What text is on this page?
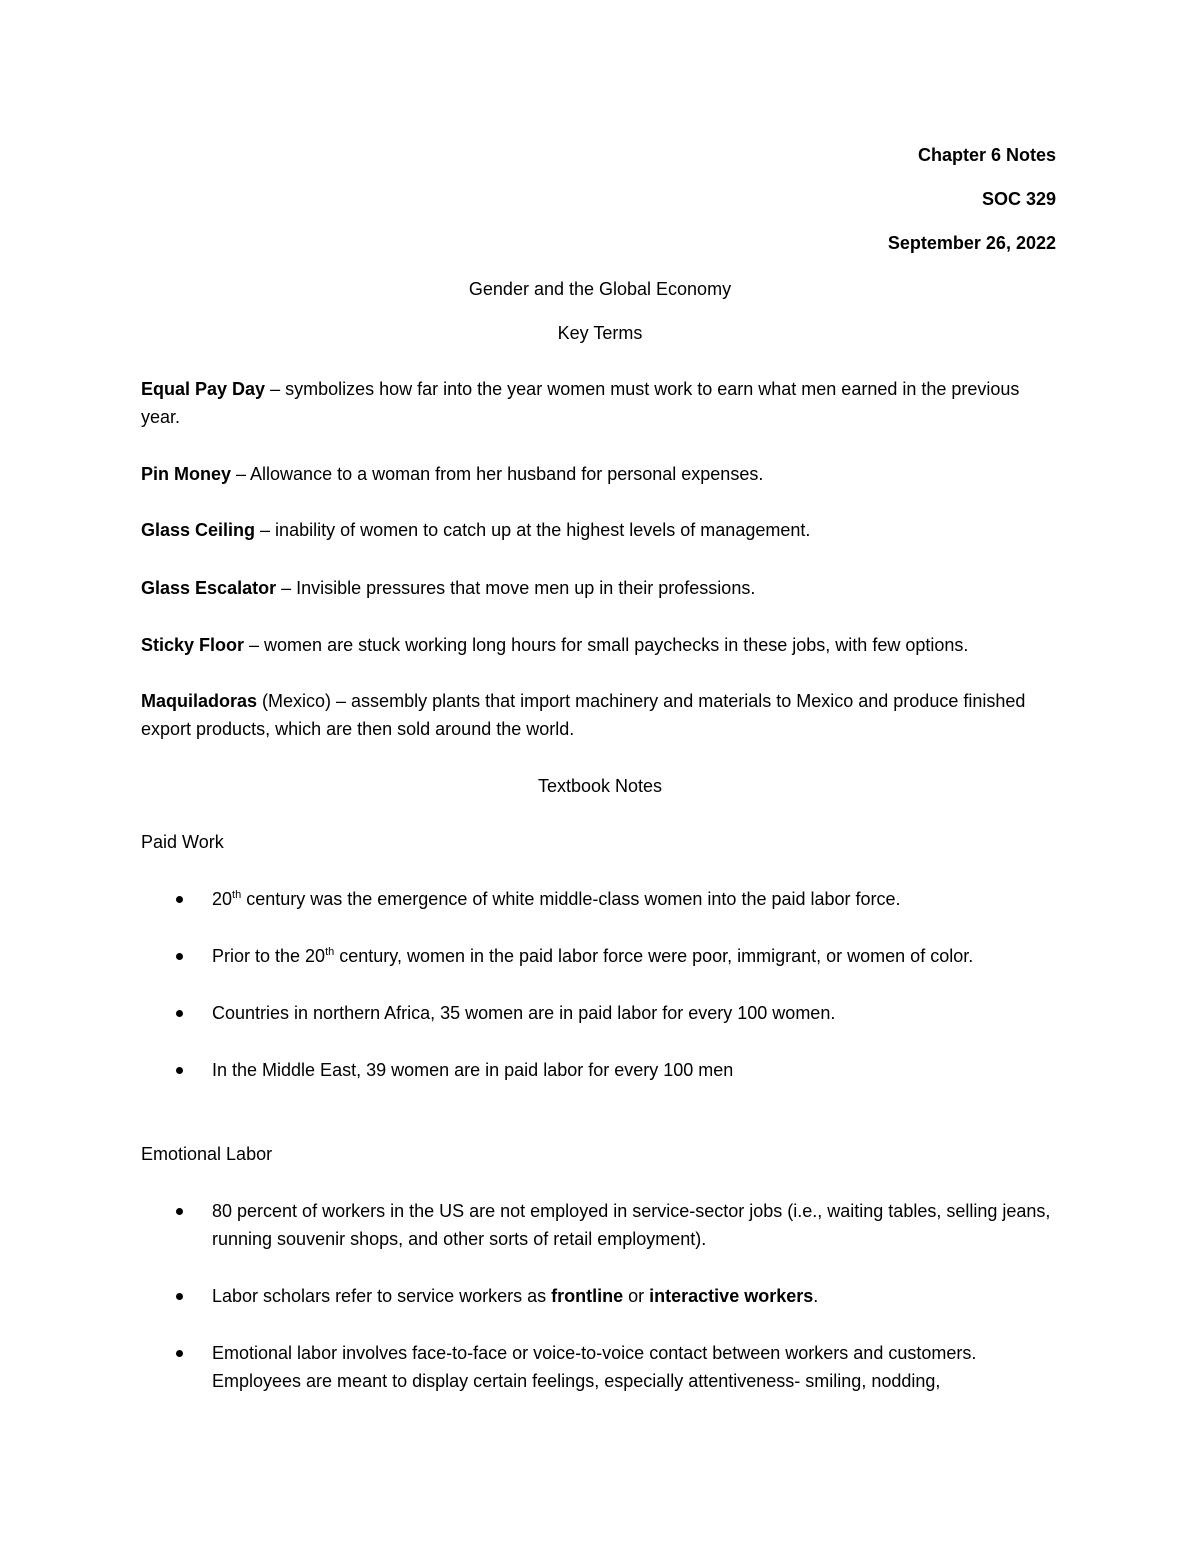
Chapter 6 Notes
SOC 329
September 26, 2022
Gender and the Global Economy
Key Terms
Equal Pay Day – symbolizes how far into the year women must work to earn what men earned in the previous year.
Pin Money – Allowance to a woman from her husband for personal expenses.
Glass Ceiling – inability of women to catch up at the highest levels of management.
Glass Escalator – Invisible pressures that move men up in their professions.
Sticky Floor – women are stuck working long hours for small paychecks in these jobs, with few options.
Maquiladoras (Mexico) – assembly plants that import machinery and materials to Mexico and produce finished export products, which are then sold around the world.
Textbook Notes
Paid Work
20th century was the emergence of white middle-class women into the paid labor force.
Prior to the 20th century, women in the paid labor force were poor, immigrant, or women of color.
Countries in northern Africa, 35 women are in paid labor for every 100 women.
In the Middle East, 39 women are in paid labor for every 100 men
Emotional Labor
80 percent of workers in the US are not employed in service-sector jobs (i.e., waiting tables, selling jeans, running souvenir shops, and other sorts of retail employment).
Labor scholars refer to service workers as frontline or interactive workers.
Emotional labor involves face-to-face or voice-to-voice contact between workers and customers. Employees are meant to display certain feelings, especially attentiveness- smiling, nodding,
